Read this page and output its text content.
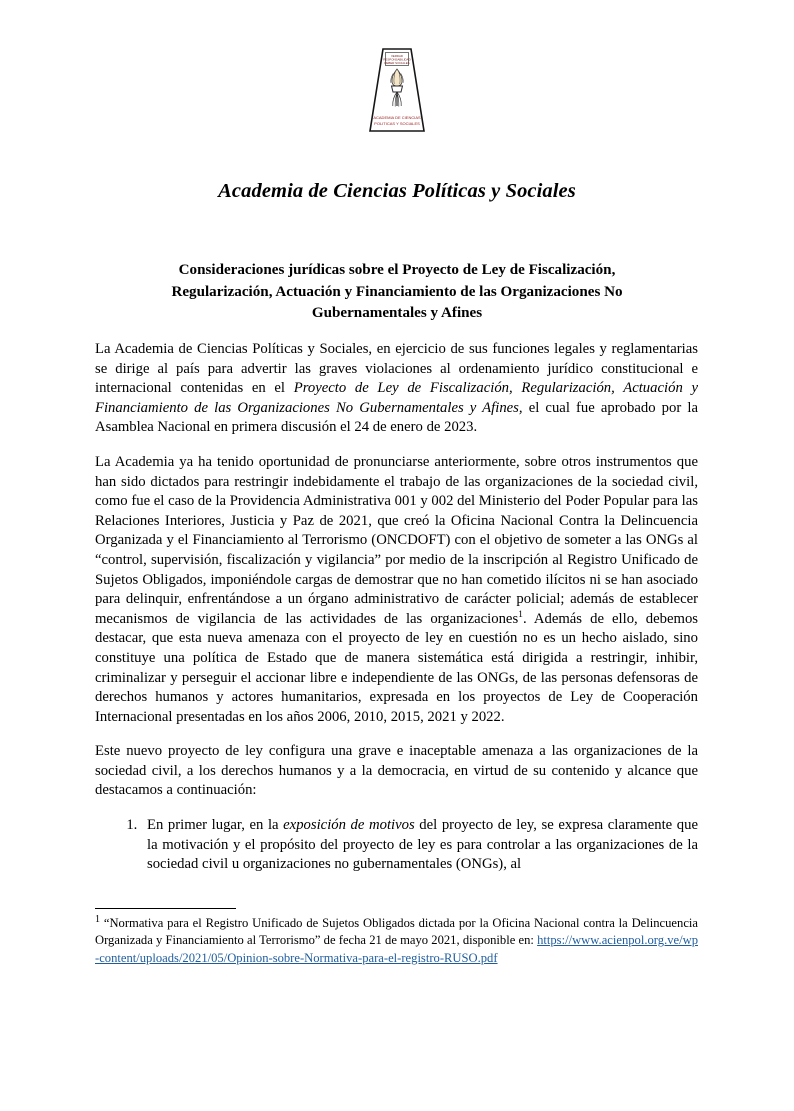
VERDAD
RESPONSABILIDAD
DEBER SOCIALES
ACADEMIA DE CIENCIAS
POLITICAS Y SOCIALES
Academia de Ciencias Políticas y Sociales
Consideraciones jurídicas sobre el Proyecto de Ley de Fiscalización, Regularización, Actuación y Financiamiento de las Organizaciones No Gubernamentales y Afines

La Academia de Ciencias Políticas y Sociales, en ejercicio de sus funciones legales y reglamentarias se dirige al país para advertir las graves violaciones al ordenamiento jurídico constitucional e internacional contenidas en el Proyecto de Ley de Fiscalización, Regularización, Actuación y Financiamiento de las Organizaciones No Gubernamentales y Afines, el cual fue aprobado por la Asamblea Nacional en primera discusión el 24 de enero de 2023.

La Academia ya ha tenido oportunidad de pronunciarse anteriormente, sobre otros instrumentos que han sido dictados para restringir indebidamente el trabajo de las organizaciones de la sociedad civil, como fue el caso de la Providencia Administrativa 001 y 002 del Ministerio del Poder Popular para las Relaciones Interiores, Justicia y Paz de 2021, que creó la Oficina Nacional Contra la Delincuencia Organizada y el Financiamiento al Terrorismo (ONCDOFT) con el objetivo de someter a las ONGs al “control, supervisión, fiscalización y vigilancia” por medio de la inscripción al Registro Unificado de Sujetos Obligados, imponiéndole cargas de demostrar que no han cometido ilícitos ni se han asociado para delinquir, enfrentándose a un órgano administrativo de carácter policial; además de establecer mecanismos de vigilancia de las actividades de las organizaciones$^1$. Además de ello, debemos destacar, que esta nueva amenaza con el proyecto de ley en cuestión no es un hecho aislado, sino constituye una política de Estado que de manera sistemática está dirigida a restringir, inhibir, criminalizar y perseguir el accionar libre e independiente de las ONGs, de las personas defensoras de derechos humanos y actores humanitarios, expresada en los proyectos de Ley de Cooperación Internacional presentadas en los años 2006, 2010, 2015, 2021 y 2022.

Este nuevo proyecto de ley configura una grave e inaceptable amenaza a las organizaciones de la sociedad civil, a los derechos humanos y a la democracia, en virtud de su contenido y alcance que destacamos a continuación:

1. En primer lugar, en la exposición de motivos del proyecto de ley, se expresa claramente que la motivación y el propósito del proyecto de ley es para controlar a las organizaciones de la sociedad civil u organizaciones no gubernamentales (ONGs), al

$^1$ “Normativa para el Registro Unificado de Sujetos Obligados dictada por la Oficina Nacional contra la Delincuencia Organizada y Financiamiento al Terrorismo” de fecha 21 de mayo 2021, disponible en: https://www.acienpol.org.ve/wp-content/uploads/2021/05/Opinion-sobre-Normativa-para-el-registro-RUSO.pdf
